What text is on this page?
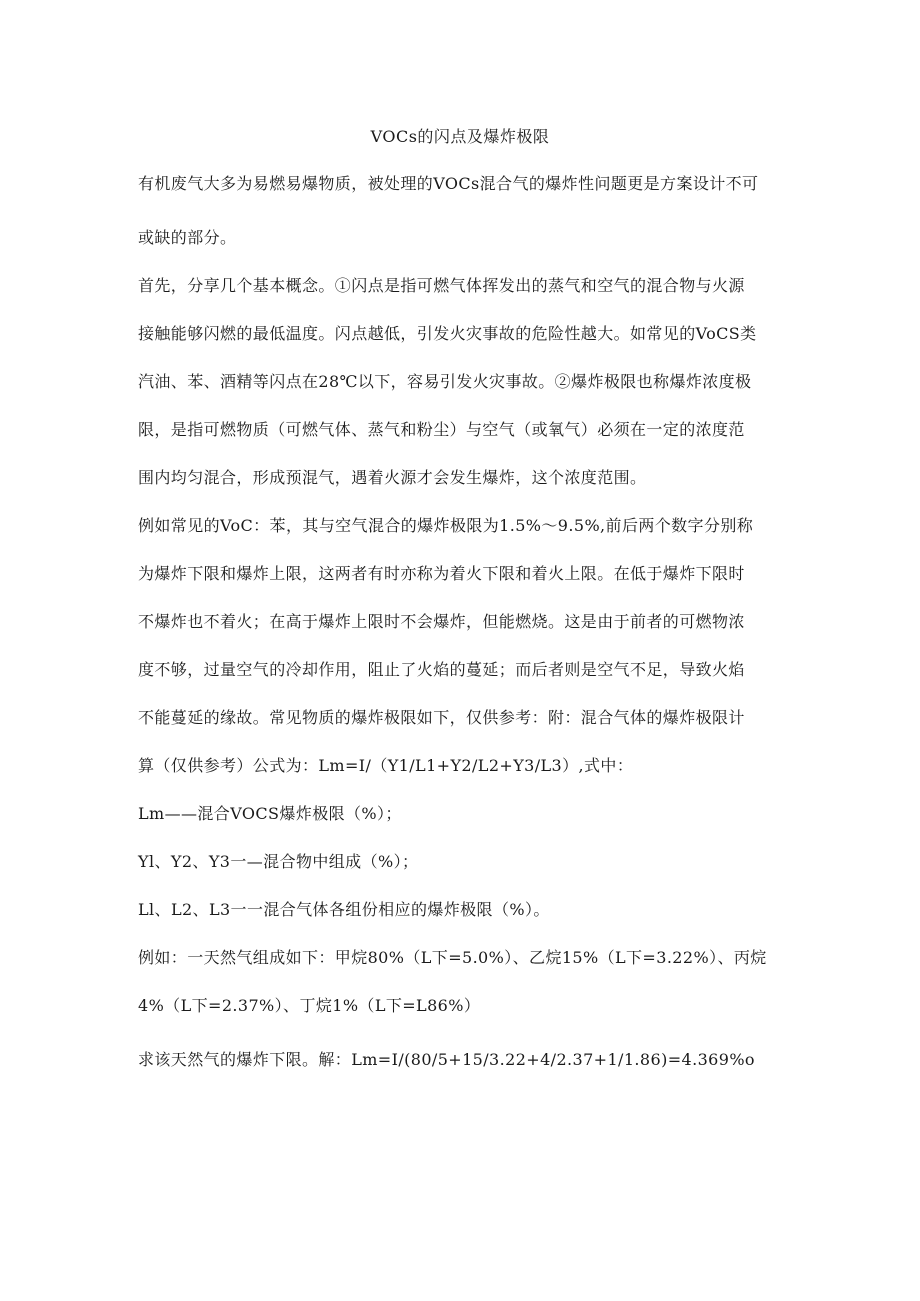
VOCs的闪点及爆炸极限
有机废气大多为易燃易爆物质，被处理的VOCs混合气的爆炸性问题更是方案设计不可
或缺的部分。
首先，分享几个基本概念。①闪点是指可燃气体挥发出的蒸气和空气的混合物与火源
接触能够闪燃的最低温度。闪点越低，引发火灾事故的危险性越大。如常见的VoCS类
汽油、苯、酒精等闪点在28℃以下，容易引发火灾事故。②爆炸极限也称爆炸浓度极
限，是指可燃物质（可燃气体、蒸气和粉尘）与空气（或氧气）必须在一定的浓度范
围内均匀混合，形成预混气，遇着火源才会发生爆炸，这个浓度范围。
例如常见的VoC：苯，其与空气混合的爆炸极限为1.5%～9.5%,前后两个数字分别称
为爆炸下限和爆炸上限，这两者有时亦称为着火下限和着火上限。在低于爆炸下限时
不爆炸也不着火；在高于爆炸上限时不会爆炸，但能燃烧。这是由于前者的可燃物浓
度不够，过量空气的冷却作用，阻止了火焰的蔓延；而后者则是空气不足，导致火焰
不能蔓延的缘故。常见物质的爆炸极限如下，仅供参考：附：混合气体的爆炸极限计
算（仅供参考）公式为：Lm=I/（Y1/L1+Y2/L2+Y3/L3）,式中：
Lm——混合VOCS爆炸极限（%）；
Yl、Y2、Y3一—混合物中组成（%）；
Ll、L2、L3一一混合气体各组份相应的爆炸极限（%）。
例如：一天然气组成如下：甲烷80%（L下=5.0%）、乙烷15%（L下=3.22%）、丙烷
4%（L下=2.37%）、丁烷1%（L下=L86%）
求该天然气的爆炸下限。解：Lm=I/(80/5+15/3.22+4/2.37+1/1.86)=4.369%o
